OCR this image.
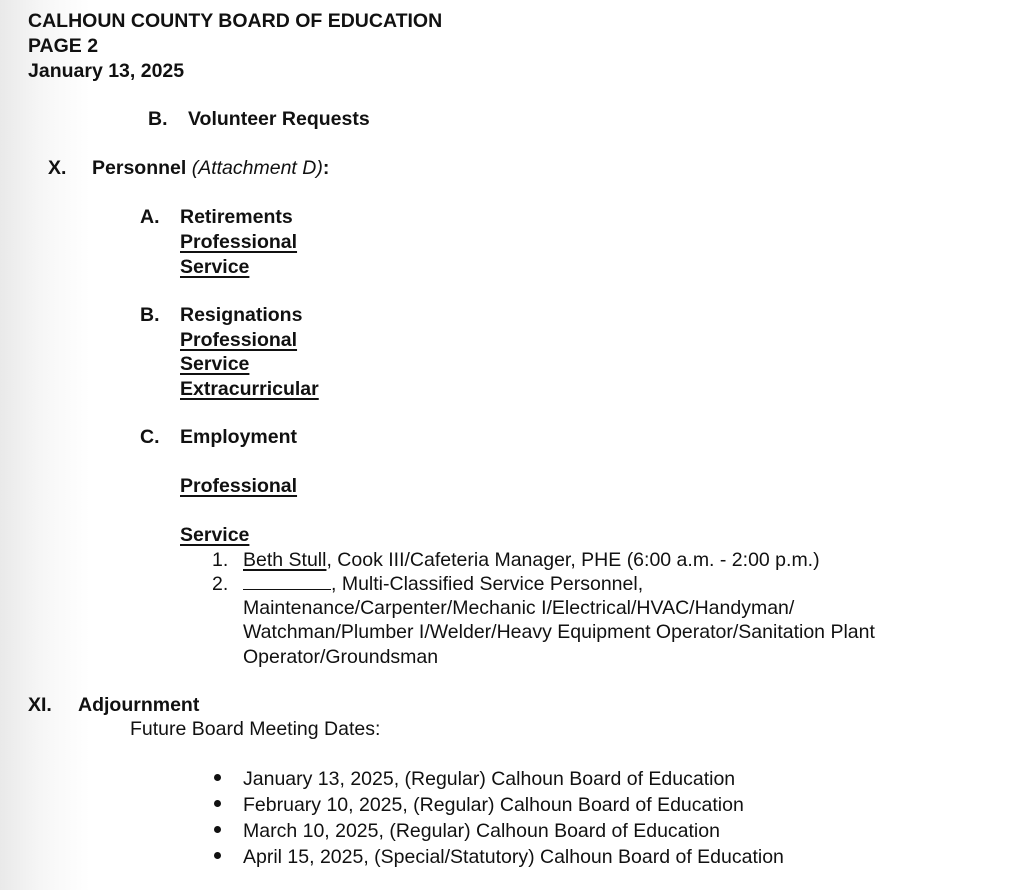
CALHOUN COUNTY BOARD OF EDUCATION
PAGE 2
January 13, 2025
B. Volunteer Requests
X. Personnel (Attachment D):
A. Retirements
Professional
Service
B. Resignations
Professional
Service
Extracurricular
C. Employment
Professional
Service
1. Beth Stull, Cook III/Cafeteria Manager, PHE (6:00 a.m. - 2:00 p.m.)
2.	, Multi-Classified Service Personnel,
Maintenance/Carpenter/Mechanic I/Electrical/HVAC/Handyman/
Watchman/Plumber I/Welder/Heavy Equipment Operator/Sanitation Plant
Operator/Groundsman
XI. Adjournment
Future Board Meeting Dates:
January 13, 2025, (Regular) Calhoun Board of Education
February 10, 2025, (Regular) Calhoun Board of Education
March 10, 2025, (Regular) Calhoun Board of Education
April 15, 2025, (Special/Statutory) Calhoun Board of Education
